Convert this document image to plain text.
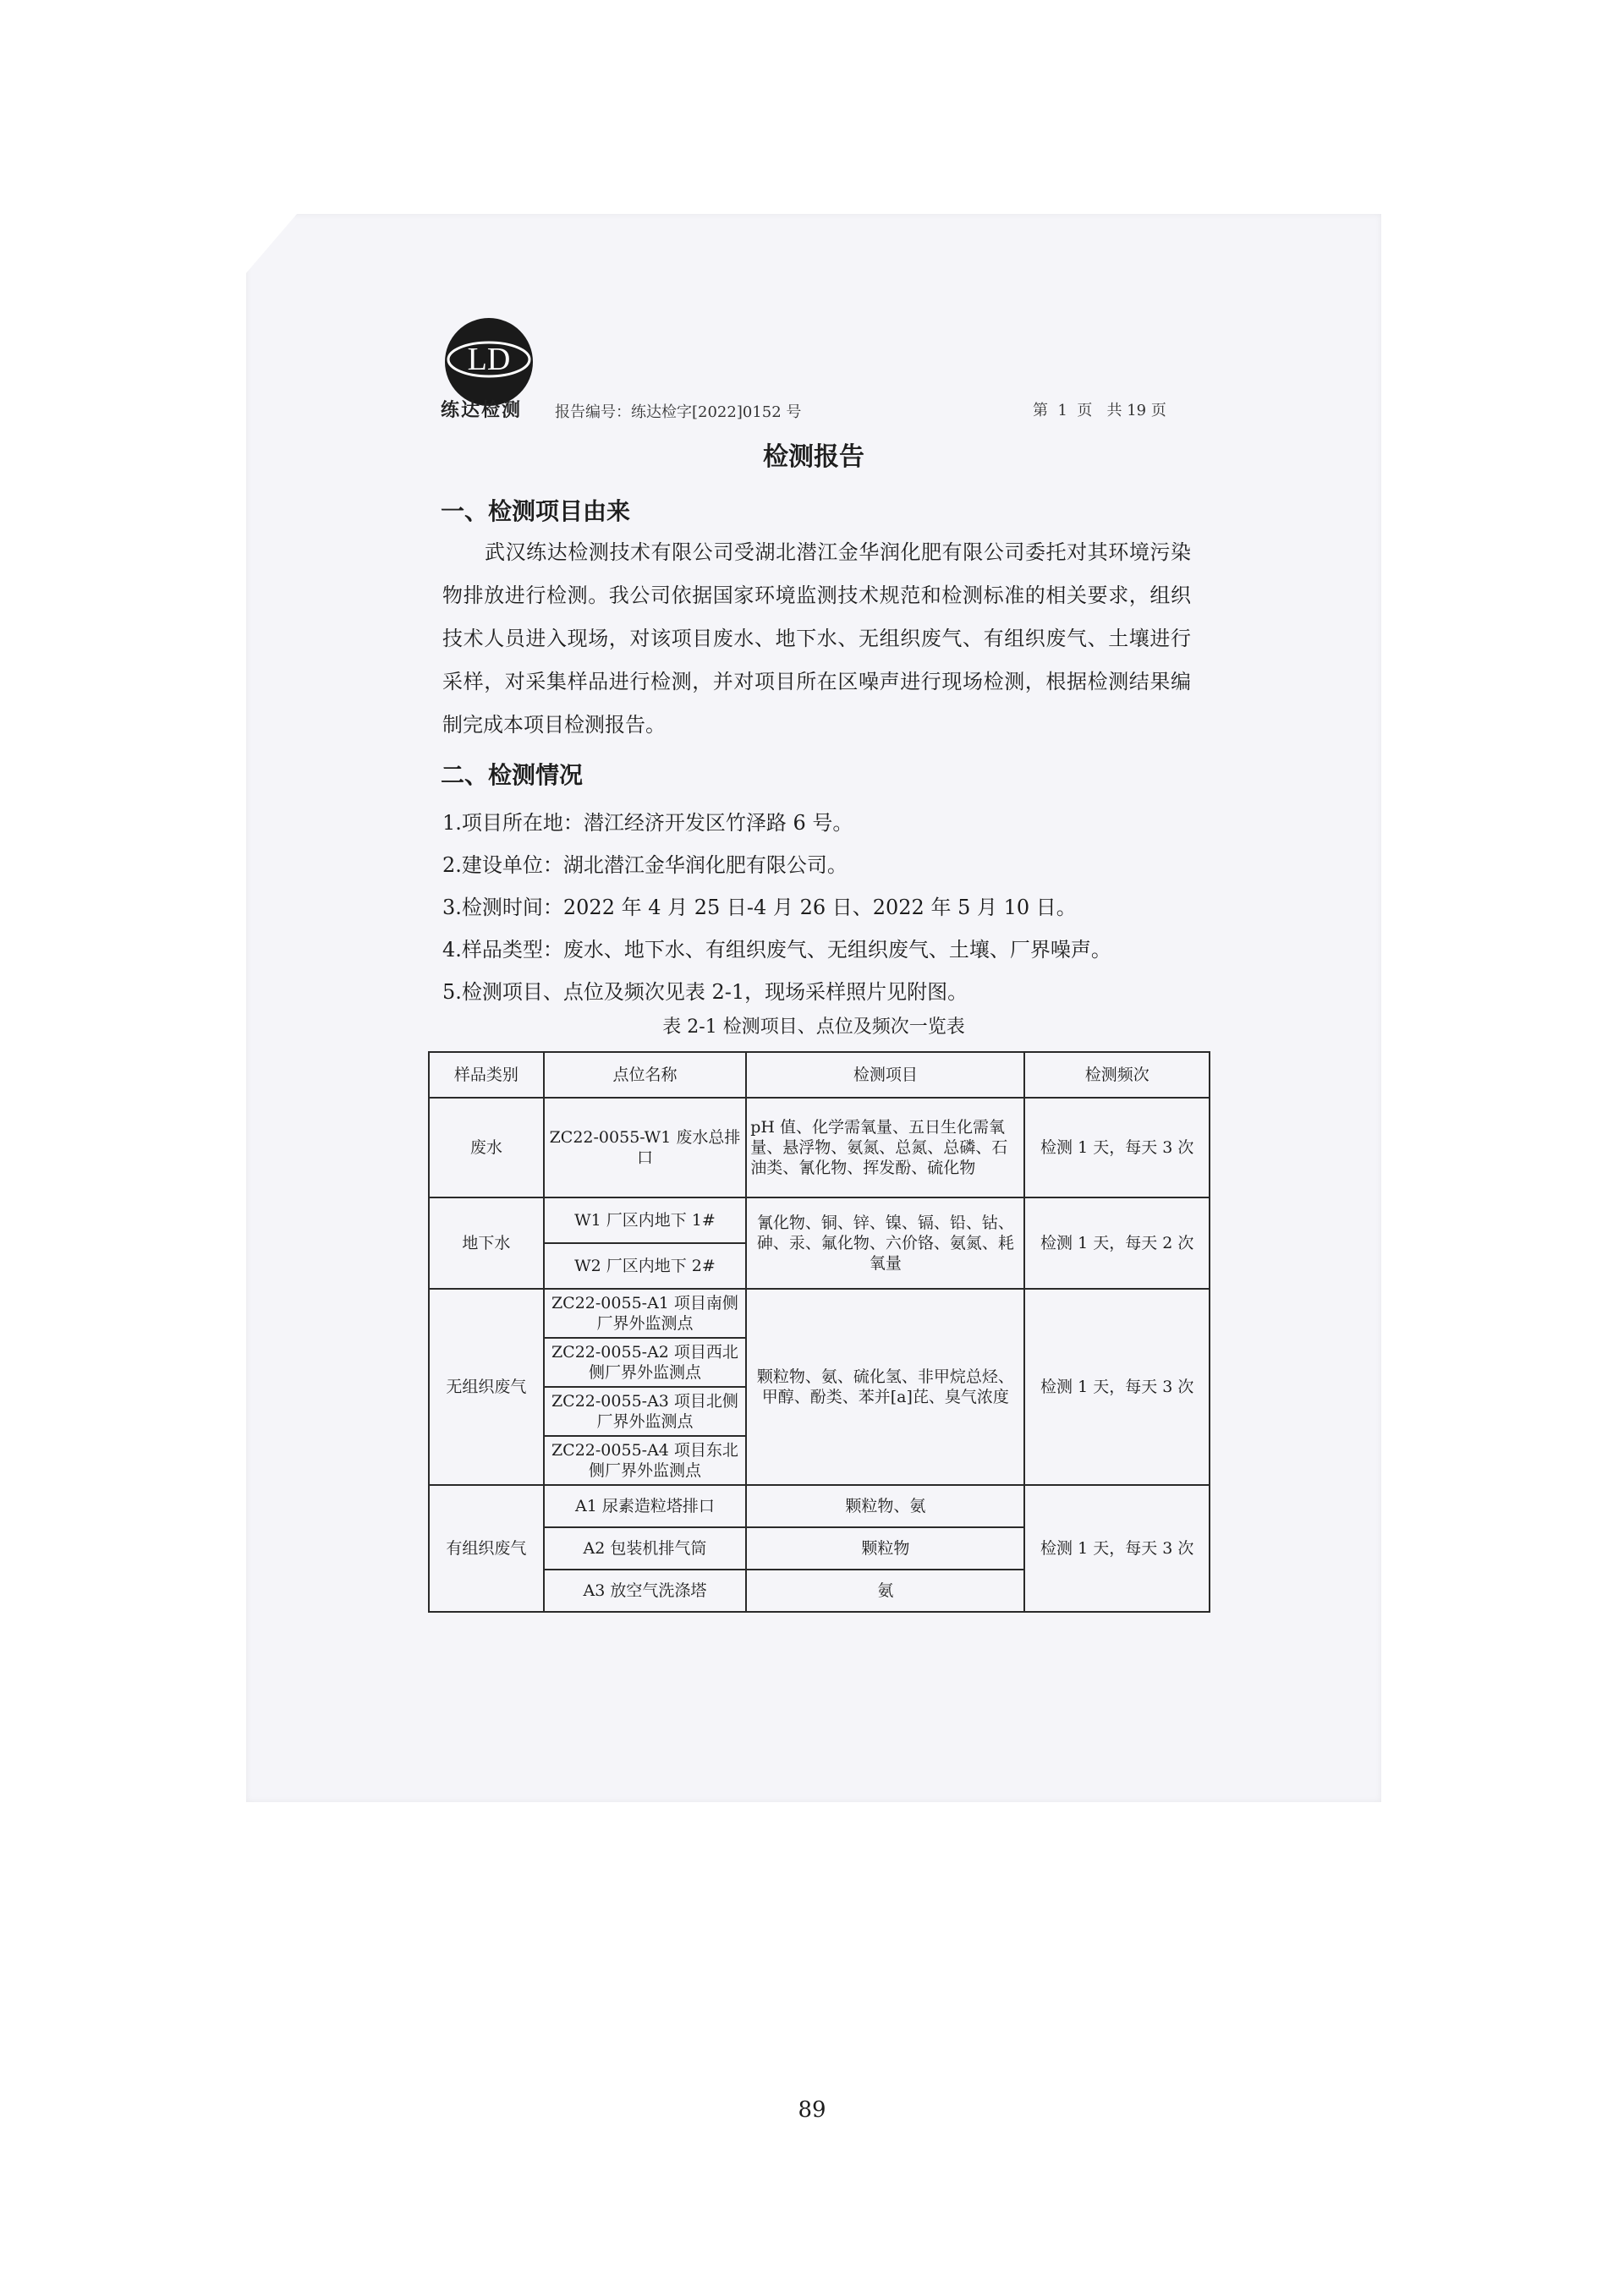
LD
练达检测 报告编号：练达检字[2022]0152 号	第  1  页   共 19 页
检测报告
一、检测项目由来

武汉练达检测技术有限公司受湖北潜江金华润化肥有限公司委托对其环境污染物排放进行检测。我公司依据国家环境监测技术规范和检测标准的相关要求，组织技术人员进入现场，对该项目废水、地下水、无组织废气、有组织废气、土壤进行采样，对采集样品进行检测，并对项目所在区噪声进行现场检测，根据检测结果编制完成本项目检测报告。

二、检测情况
1.项目所在地：潜江经济开发区竹泽路 6 号。
2.建设单位：湖北潜江金华润化肥有限公司。
3.检测时间：2022 年 4 月 25 日-4 月 26 日、2022 年 5 月 10 日。
4.样品类型：废水、地下水、有组织废气、无组织废气、土壤、厂界噪声。
5.检测项目、点位及频次见表 2-1，现场采样照片见附图。
表 2-1 检测项目、点位及频次一览表
样品类别	点位名称	检测项目	检测频次
废水	ZC22-0055-W1 废水总排口	pH 值、化学需氧量、五日生化需氧量、悬浮物、氨氮、总氮、总磷、石油类、氰化物、挥发酚、硫化物	检测 1 天，每天 3 次
地下水	W1 厂区内地下 1#	氰化物、铜、锌、镍、镉、铅、钴、砷、汞、氟化物、六价铬、氨氮、耗氧量	检测 1 天，每天 2 次
	W2 厂区内地下 2#		
无组织废气	ZC22-0055-A1 项目南侧厂界外监测点	颗粒物、氨、硫化氢、非甲烷总烃、甲醇、酚类、苯并[a]芘、臭气浓度	检测 1 天，每天 3 次
	ZC22-0055-A2 项目西北侧厂界外监测点		
	ZC22-0055-A3 项目北侧厂界外监测点		
	ZC22-0055-A4 项目东北侧厂界外监测点		
有组织废气	A1 尿素造粒塔排口	颗粒物、氨	检测 1 天，每天 3 次
	A2 包装机排气筒	颗粒物	
	A3 放空气洗涤塔	氨	
89
